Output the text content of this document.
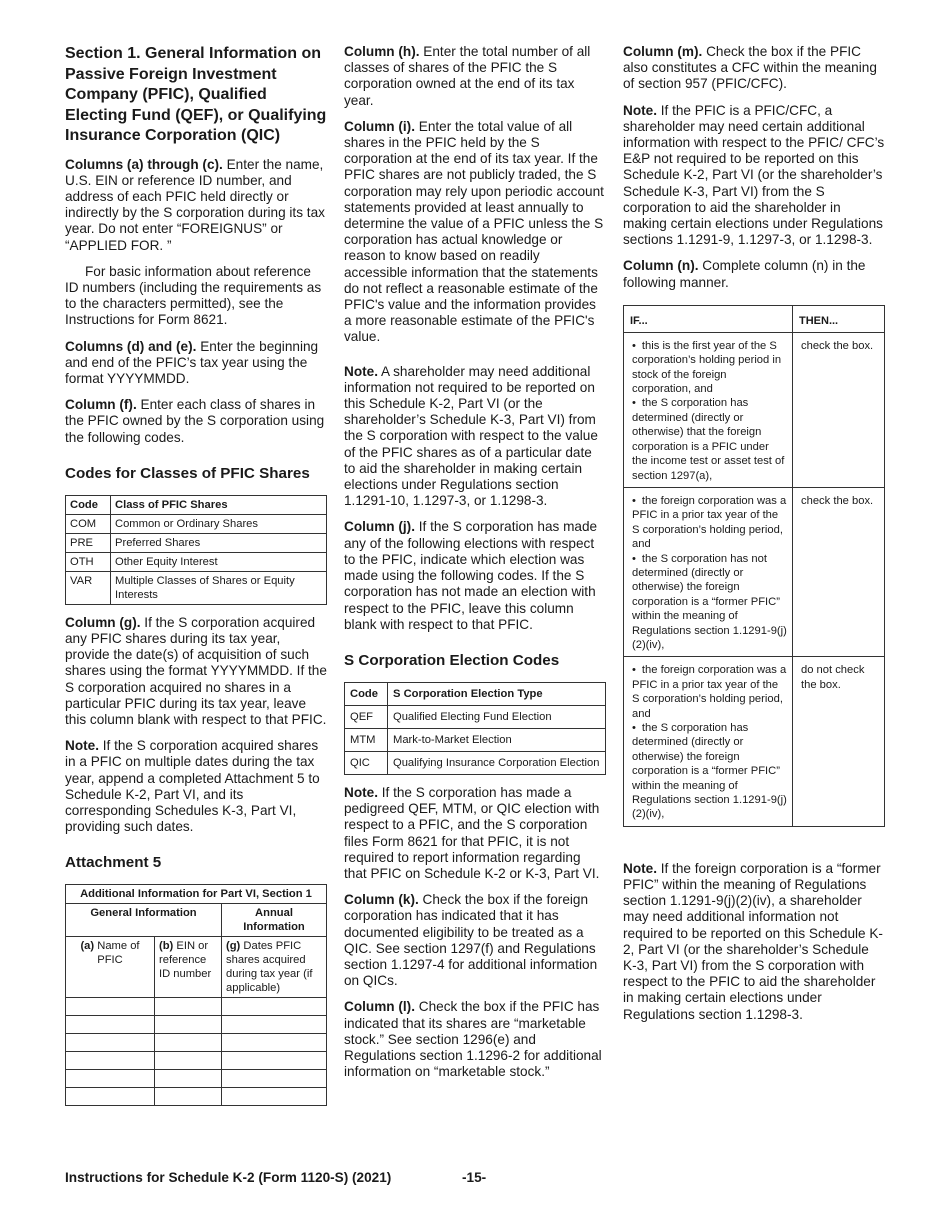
Section 1. General Information on Passive Foreign Investment Company (PFIC), Qualified Electing Fund (QEF), or Qualifying Insurance Corporation (QIC)

Columns (a) through (c). Enter the name, U.S. EIN or reference ID number, and address of each PFIC held directly or indirectly by the S corporation during its tax year. Do not enter “FOREIGNUS” or “APPLIED FOR. ”

For basic information about reference ID numbers (including the requirements as to the characters permitted), see the Instructions for Form 8621.

Columns (d) and (e). Enter the beginning and end of the PFIC’s tax year using the format YYYYMMDD.

Column (f). Enter each class of shares in the PFIC owned by the S corporation using the following codes.

Codes for Classes of PFIC Shares
Code	Class of PFIC Shares
COM	Common or Ordinary Shares
PRE	Preferred Shares
OTH	Other Equity Interest
VAR	Multiple Classes of Shares or Equity Interests

Column (g). If the S corporation acquired any PFIC shares during its tax year, provide the date(s) of acquisition of such shares using the format YYYYMMDD. If the S corporation acquired no shares in a particular PFIC during its tax year, leave this column blank with respect to that PFIC.

Note. If the S corporation acquired shares in a PFIC on multiple dates during the tax year, append a completed Attachment 5 to Schedule K-2, Part VI, and its corresponding Schedules K-3, Part VI, providing such dates.

Attachment 5
Additional Information for Part VI, Section 1		
General Information		Annual Information
(a) Name of PFIC	(b) EIN or reference ID number	(g) Dates PFIC shares acquired during tax year (if applicable)

Column (h). Enter the total number of all classes of shares of the PFIC the S corporation owned at the end of its tax year.

Column (i). Enter the total value of all shares in the PFIC held by the S corporation at the end of its tax year. If the PFIC shares are not publicly traded, the S corporation may rely upon periodic account statements provided at least annually to determine the value of a PFIC unless the S corporation has actual knowledge or reason to know based on readily accessible information that the statements do not reflect a reasonable estimate of the PFIC's value and the information provides a more reasonable estimate of the PFIC's value.

Note. A shareholder may need additional information not required to be reported on this Schedule K-2, Part VI (or the shareholder’s Schedule K-3, Part VI) from the S corporation with respect to the value of the PFIC shares as of a particular date to aid the shareholder in making certain elections under Regulations section 1.1291-10, 1.1297-3, or 1.1298-3.

Column (j). If the S corporation has made any of the following elections with respect to the PFIC, indicate which election was made using the following codes. If the S corporation has not made an election with respect to the PFIC, leave this column blank with respect to that PFIC.

S Corporation Election Codes
Code	S Corporation Election Type
QEF	Qualified Electing Fund Election
MTM	Mark-to-Market Election
QIC	Qualifying Insurance Corporation Election

Note. If the S corporation has made a pedigreed QEF, MTM, or QIC election with respect to a PFIC, and the S corporation files Form 8621 for that PFIC, it is not required to report information regarding that PFIC on Schedule K-2 or K-3, Part VI.

Column (k). Check the box if the foreign corporation has indicated that it has documented eligibility to be treated as a QIC. See section 1297(f) and Regulations section 1.1297-4 for additional information on QICs.

Column (l). Check the box if the PFIC has indicated that its shares are “marketable stock.” See section 1296(e) and Regulations section 1.1296-2 for additional information on “marketable stock.”

Column (m). Check the box if the PFIC also constitutes a CFC within the meaning of section 957 (PFIC/CFC).

Note. If the PFIC is a PFIC/CFC, a shareholder may need certain additional information with respect to the PFIC/ CFC’s E&P not required to be reported on this Schedule K-2, Part VI (or the shareholder’s Schedule K-3, Part VI) from the S corporation to aid the shareholder in making certain elections under Regulations sections 1.1291-9, 1.1297-3, or 1.1298-3.

Column (n). Complete column (n) in the following manner.

IF...	THEN...

• this is the first year of the S corporation’s holding period in stock of the foreign corporation, and
• the S corporation has determined (directly or otherwise) that the foreign corporation is a PFIC under the income test or asset test of section 1297(a),	check the box.

• the foreign corporation was a PFIC in a prior tax year of the S corporation’s holding period, and
• the S corporation has not determined (directly or otherwise) the foreign corporation is a “former PFIC” within the meaning of Regulations section 1.1291-9(j)(2)(iv),	check the box.

• the foreign corporation was a PFIC in a prior tax year of the S corporation’s holding period, and
• the S corporation has determined (directly or otherwise) the foreign corporation is a “former PFIC” within the meaning of Regulations section 1.1291-9(j)(2)(iv),	do not check the box.

Note. If the foreign corporation is a “former PFIC” within the meaning of Regulations section 1.1291-9(j)(2)(iv), a shareholder may need additional information not required to be reported on this Schedule K-2, Part VI (or the shareholder’s Schedule K-3, Part VI) from the S corporation with respect to the PFIC to aid the shareholder in making certain elections under Regulations section 1.1298-3.

Instructions for Schedule K-2 (Form 1120-S) (2021)	-15-
